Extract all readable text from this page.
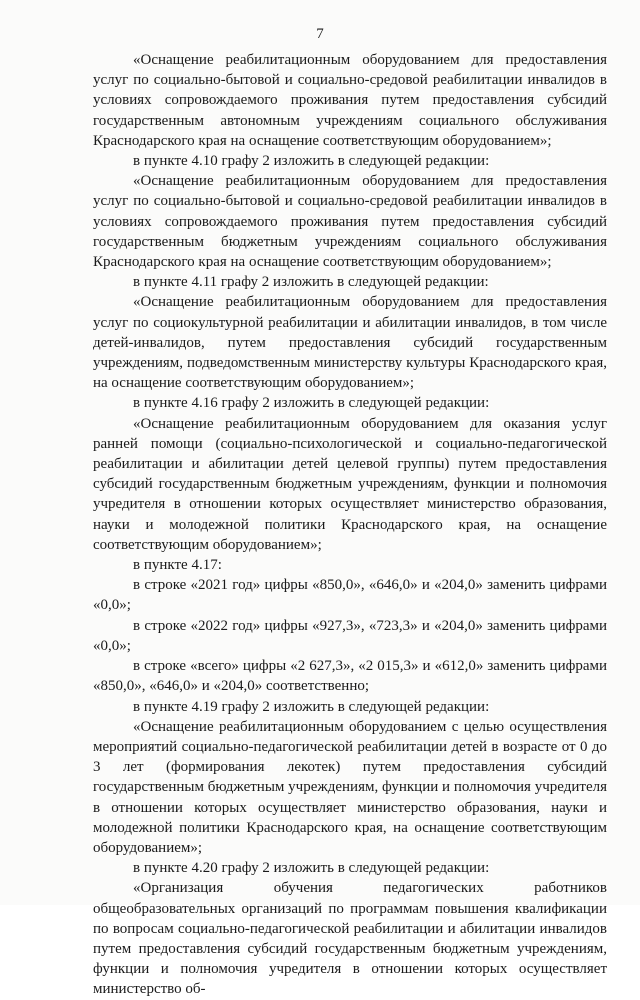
7

«Оснащение реабилитационным оборудованием для предоставления услуг по социально-бытовой и социально-средовой реабилитации инвалидов в условиях сопровождаемого проживания путем предоставления субсидий государственным автономным учреждениям социального обслуживания Краснодарского края на оснащение соответствующим оборудованием»;

в пункте 4.10 графу 2 изложить в следующей редакции:

«Оснащение реабилитационным оборудованием для предоставления услуг по социально-бытовой и социально-средовой реабилитации инвалидов в условиях сопровождаемого проживания путем предоставления субсидий государственным бюджетным учреждениям социального обслуживания Краснодарского края на оснащение соответствующим оборудованием»;

в пункте 4.11 графу 2 изложить в следующей редакции:

«Оснащение реабилитационным оборудованием для предоставления услуг по социокультурной реабилитации и абилитации инвалидов, в том числе детей-инвалидов, путем предоставления субсидий государственным учреждениям, подведомственным министерству культуры Краснодарского края, на оснащение соответствующим оборудованием»;

в пункте 4.16 графу 2 изложить в следующей редакции:

«Оснащение реабилитационным оборудованием для оказания услуг ранней помощи (социально-психологической и социально-педагогической реабилитации и абилитации детей целевой группы) путем предоставления субсидий государственным бюджетным учреждениям, функции и полномочия учредителя в отношении которых осуществляет министерство образования, науки и молодежной политики Краснодарского края, на оснащение соответствующим оборудованием»;

в пункте 4.17:

в строке «2021 год» цифры «850,0», «646,0» и «204,0» заменить цифрами «0,0»;

в строке «2022 год» цифры «927,3», «723,3» и «204,0» заменить цифрами «0,0»;

в строке «всего» цифры «2 627,3», «2 015,3» и «612,0» заменить цифрами «850,0», «646,0» и «204,0» соответственно;

в пункте 4.19 графу 2 изложить в следующей редакции:

«Оснащение реабилитационным оборудованием с целью осуществления мероприятий социально-педагогической реабилитации детей в возрасте от 0 до 3 лет (формирования лекотек) путем предоставления субсидий государственным бюджетным учреждениям, функции и полномочия учредителя в отношении которых осуществляет министерство образования, науки и молодежной политики Краснодарского края, на оснащение соответствующим оборудованием»;

в пункте 4.20 графу 2 изложить в следующей редакции:

«Организация обучения педагогических работников общеобразовательных организаций по программам повышения квалификации по вопросам социально-педагогической реабилитации и абилитации инвалидов путем предоставления субсидий государственным бюджетным учреждениям, функции и полномочия учредителя в отношении которых осуществляет министерство об-
